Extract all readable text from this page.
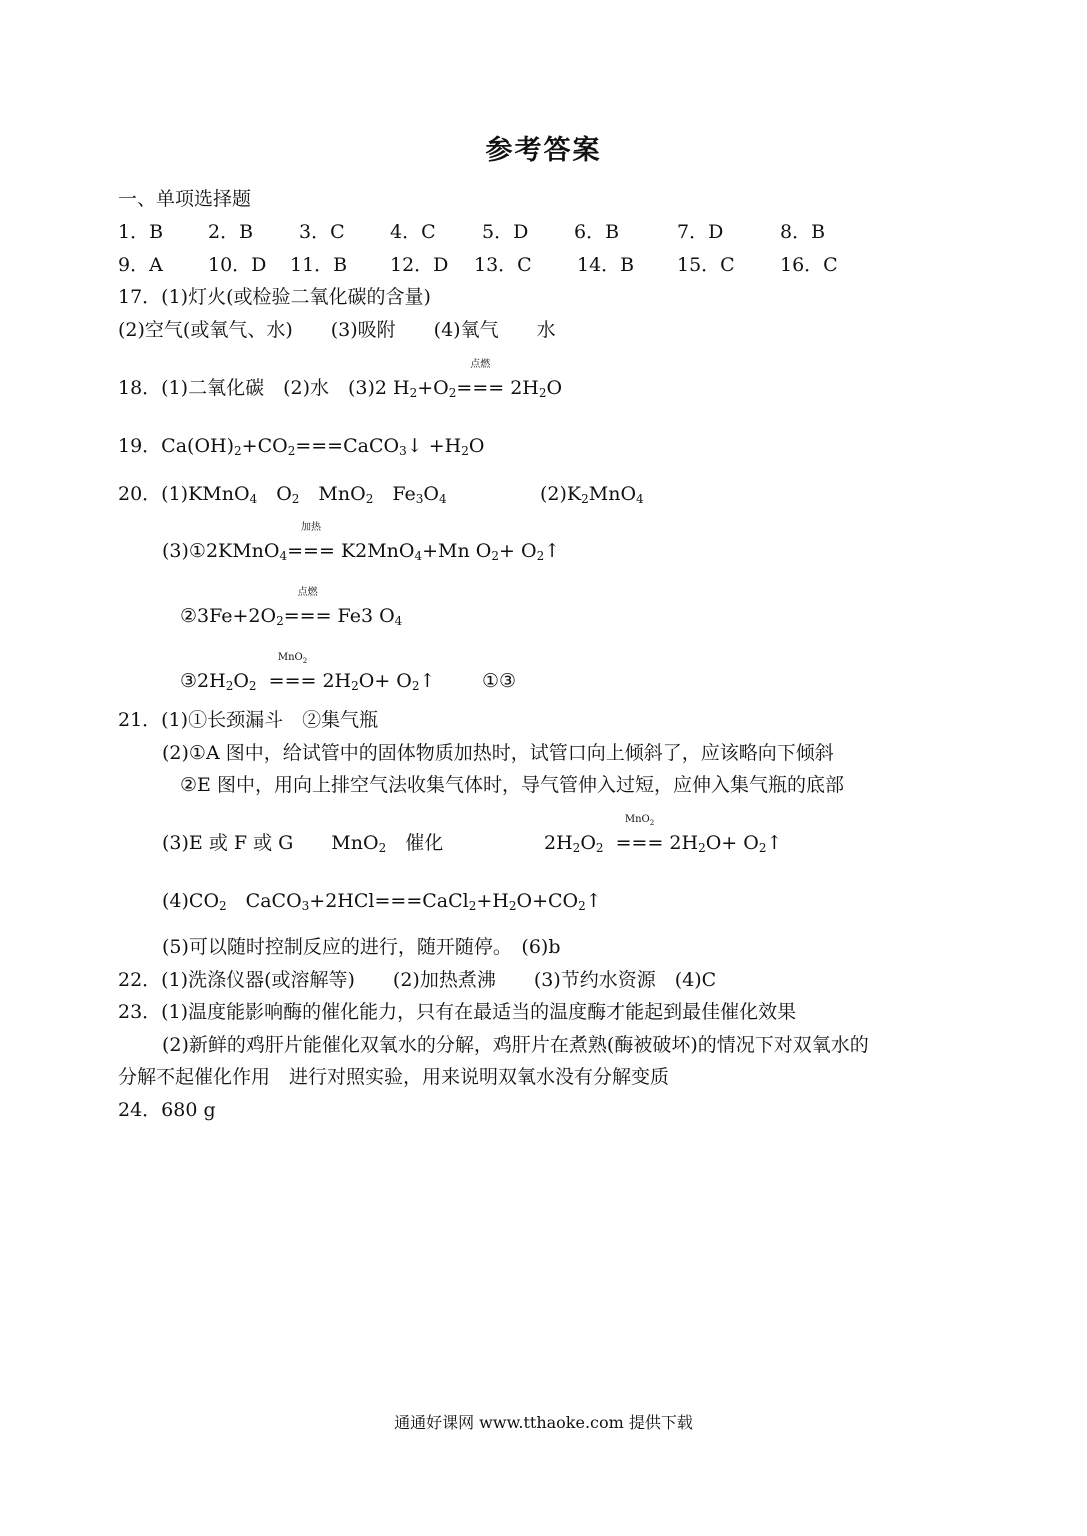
参考答案
一、单项选择题
1．B 2．B 3．C 4．C 5．D 6．B	7．D	8．B
9．A 10．D 11．B 12．D 13．C 14．B 15．C 16．C
17．(1)灯火(或检验二氧化碳的含量)
(2)空气(或氧气、水)　　(3)吸附　　(4)氧气　　水
18．(1)二氧化碳　(2)水　(3)2 $H_2+O_2$
点燃
=== $2H_2O$
19．$Ca(OH)_2+CO_2===CaCO_3↓ +H_2O$
20．(1)KMnO$_4$　$O_2$　MnO$_2$　$Fe_3O_4$	$(2)K_2MnO_4$
(3)①2KMnO$_4$
加热
=== K2MnO$_4$+Mn $O_2+$ $O_2↑$
$②3Fe+2O_2$
点燃
=== Fe3 $O_4$
$③2H_2O_2$
MnO$_2$
=== $2H_2O+$ $O_2↑$ ①③
21．(1)①长颈漏斗　②集气瓶
(2)①A 图中，给试管中的固体物质加热时，试管口向上倾斜了，应该略向下倾斜
②E 图中，用向上排空气法收集气体时，导气管伸入过短，应伸入集气瓶的底部
(3)E 或 F 或 G　　MnO$_2$　催化	$2H_2O_2$
MnO$_2$
=== $2H_2O+$ $O_2↑$
$(4)CO_2$　$CaCO_3+2HCl===CaCl_2+H_2O+CO_2↑$
(5)可以随时控制反应的进行，随开随停。　(6)b
22．(1)洗涤仪器(或溶解等)　　(2)加热煮沸　　(3)节约水资源　(4)C
23．(1)温度能影响酶的催化能力，只有在最适当的温度酶才能起到最佳催化效果
(2)新鲜的鸡肝片能催化双氧水的分解，鸡肝片在煮熟(酶被破坏)的情况下对双氧水的
分解不起催化作用　进行对照实验，用来说明双氧水没有分解变质
24．680 g
通通好课网 www.tthaoke.com 提供下载
